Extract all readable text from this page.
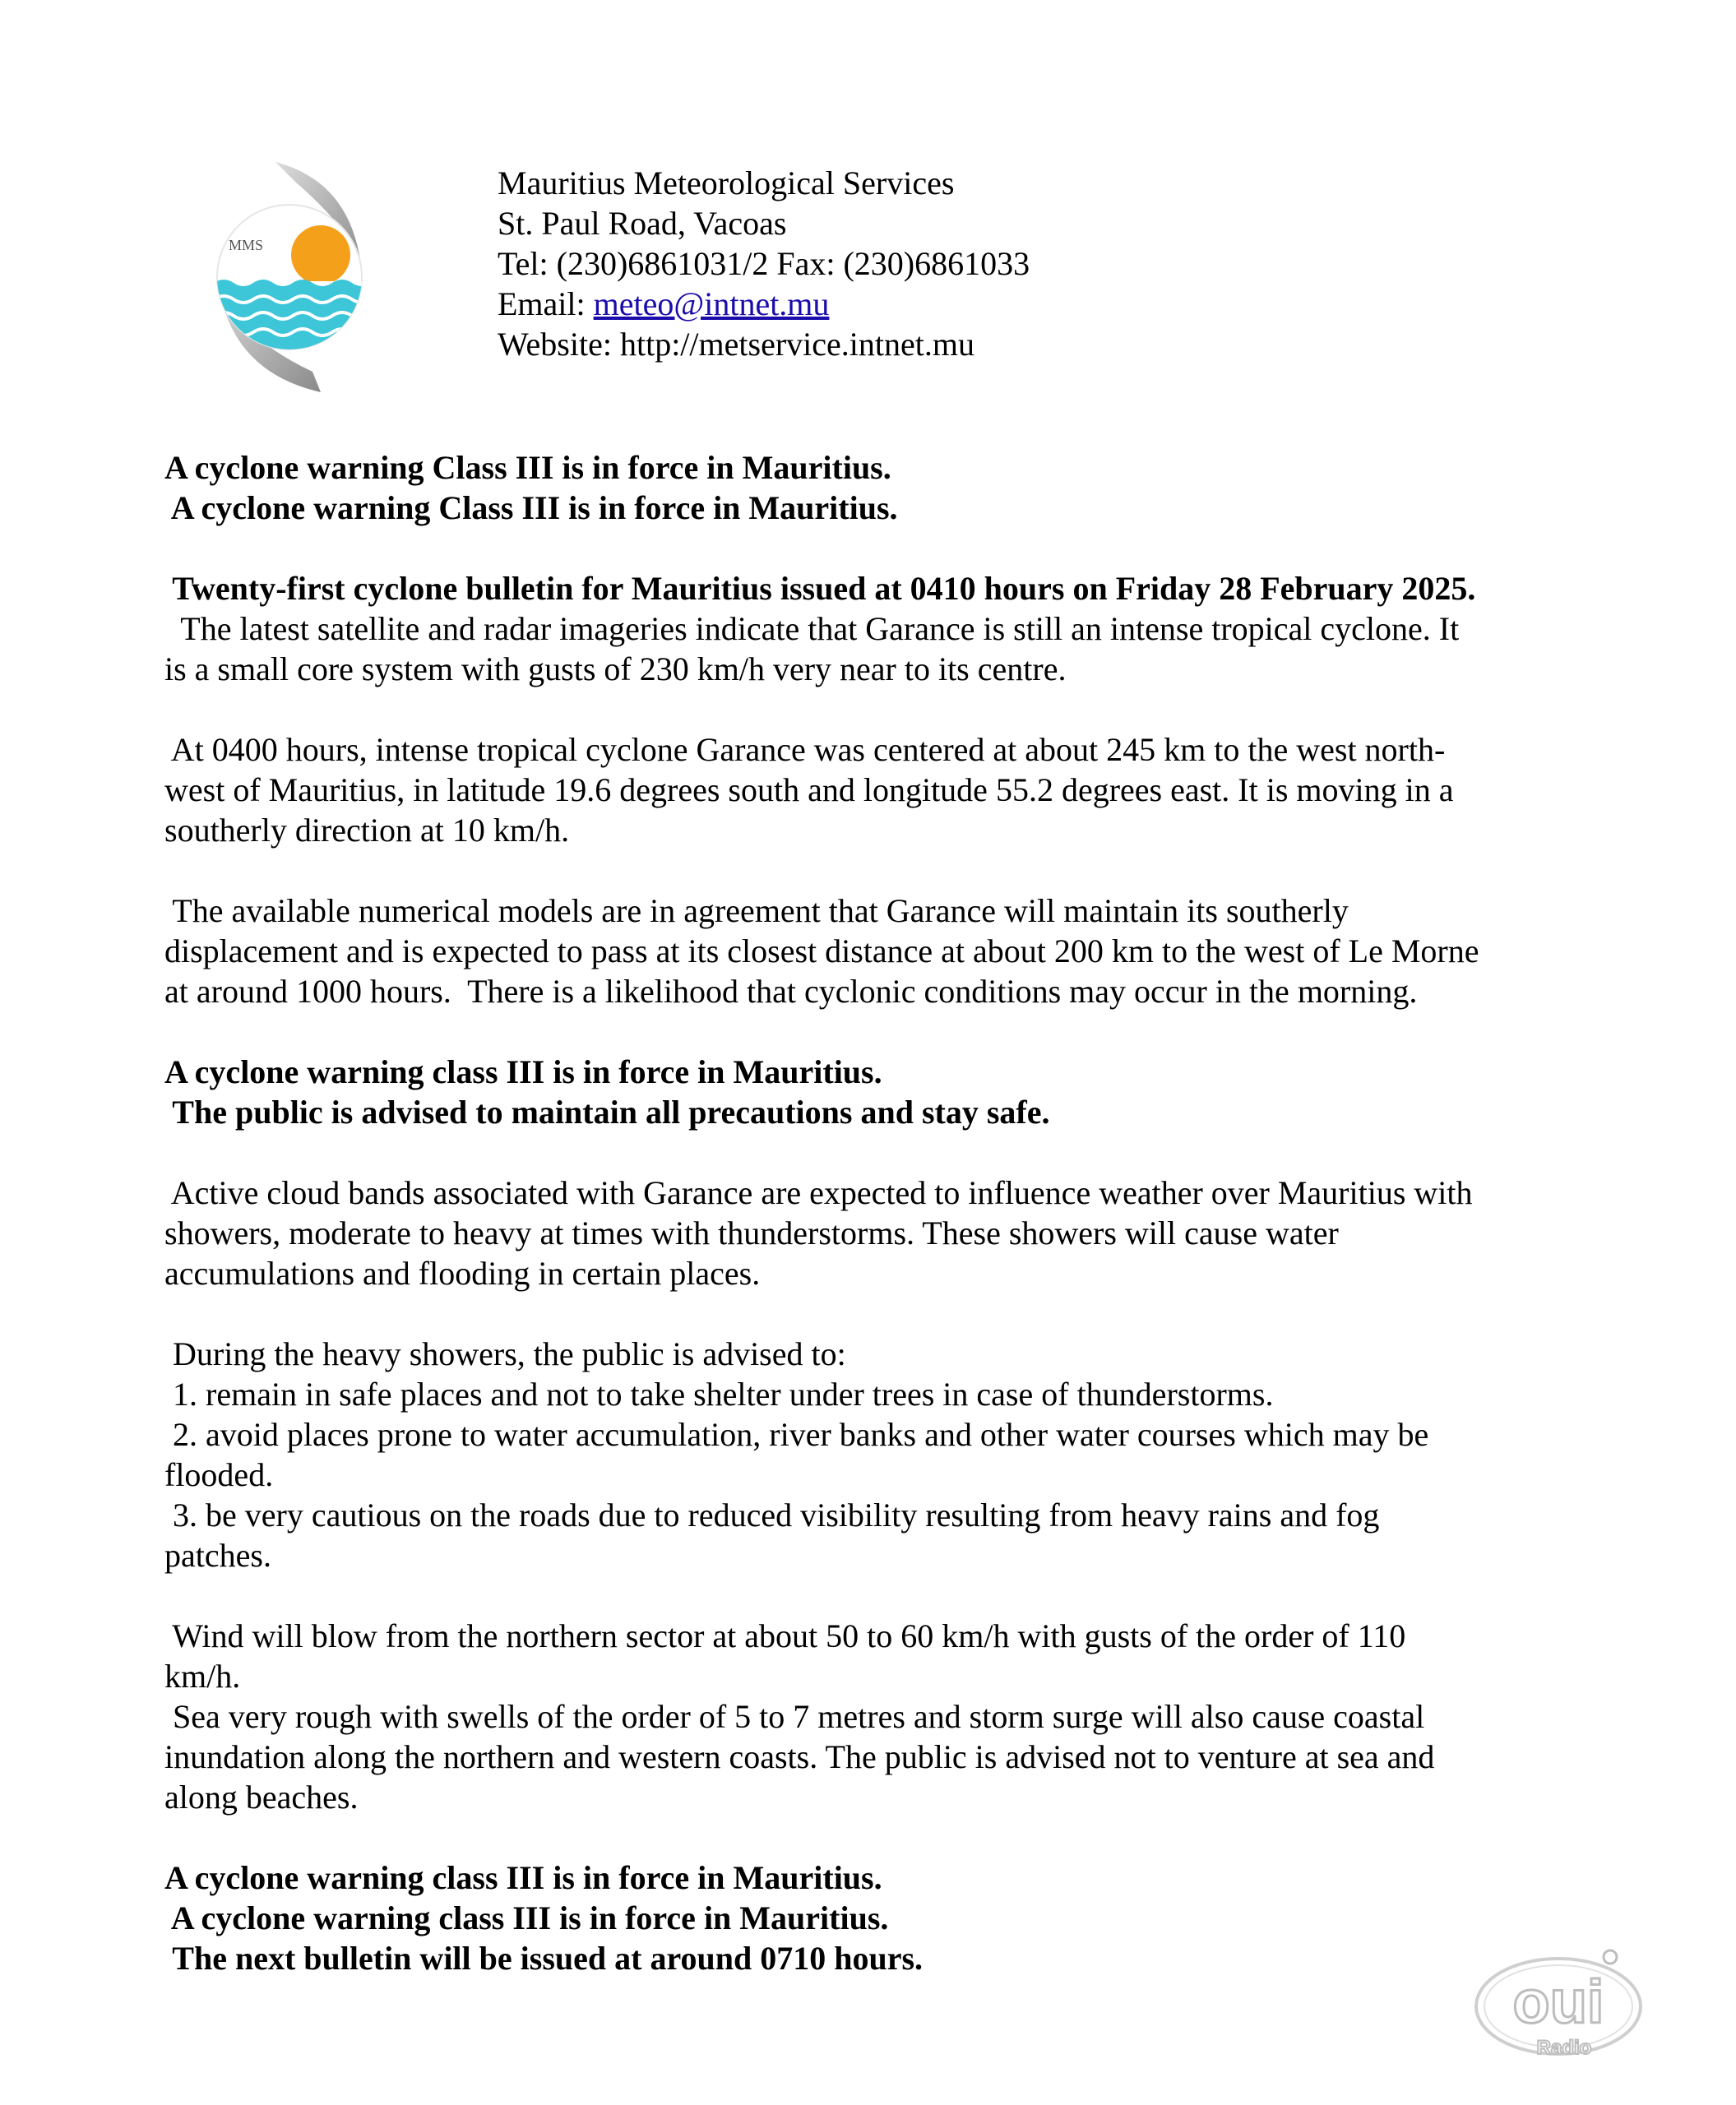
MMS
Mauritius Meteorological Services
St. Paul Road, Vacoas
Tel: (230)6861031/2 Fax: (230)6861033
Email: meteo@intnet.mu
Website: http://metservice.intnet.mu
A cyclone warning Class III is in force in Mauritius.
A cyclone warning Class III is in force in Mauritius.
Twenty-first cyclone bulletin for Mauritius issued at 0410 hours on Friday 28 February 2025.
The latest satellite and radar imageries indicate that Garance is still an intense tropical cyclone. It
is a small core system with gusts of 230 km/h very near to its centre.
At 0400 hours, intense tropical cyclone Garance was centered at about 245 km to the west north-
west of Mauritius, in latitude 19.6 degrees south and longitude 55.2 degrees east. It is moving in a
southerly direction at 10 km/h.
The available numerical models are in agreement that Garance will maintain its southerly
displacement and is expected to pass at its closest distance at about 200 km to the west of Le Morne
at around 1000 hours.  There is a likelihood that cyclonic conditions may occur in the morning.
A cyclone warning class III is in force in Mauritius.
The public is advised to maintain all precautions and stay safe.
Active cloud bands associated with Garance are expected to influence weather over Mauritius with
showers, moderate to heavy at times with thunderstorms. These showers will cause water
accumulations and flooding in certain places.
During the heavy showers, the public is advised to:
1. remain in safe places and not to take shelter under trees in case of thunderstorms.
2. avoid places prone to water accumulation, river banks and other water courses which may be
flooded.
3. be very cautious on the roads due to reduced visibility resulting from heavy rains and fog
patches.
Wind will blow from the northern sector at about 50 to 60 km/h with gusts of the order of 110
km/h.
Sea very rough with swells of the order of 5 to 7 metres and storm surge will also cause coastal
inundation along the northern and western coasts. The public is advised not to venture at sea and
along beaches.
A cyclone warning class III is in force in Mauritius.
A cyclone warning class III is in force in Mauritius.
The next bulletin will be issued at around 0710 hours.
oui
Radio
